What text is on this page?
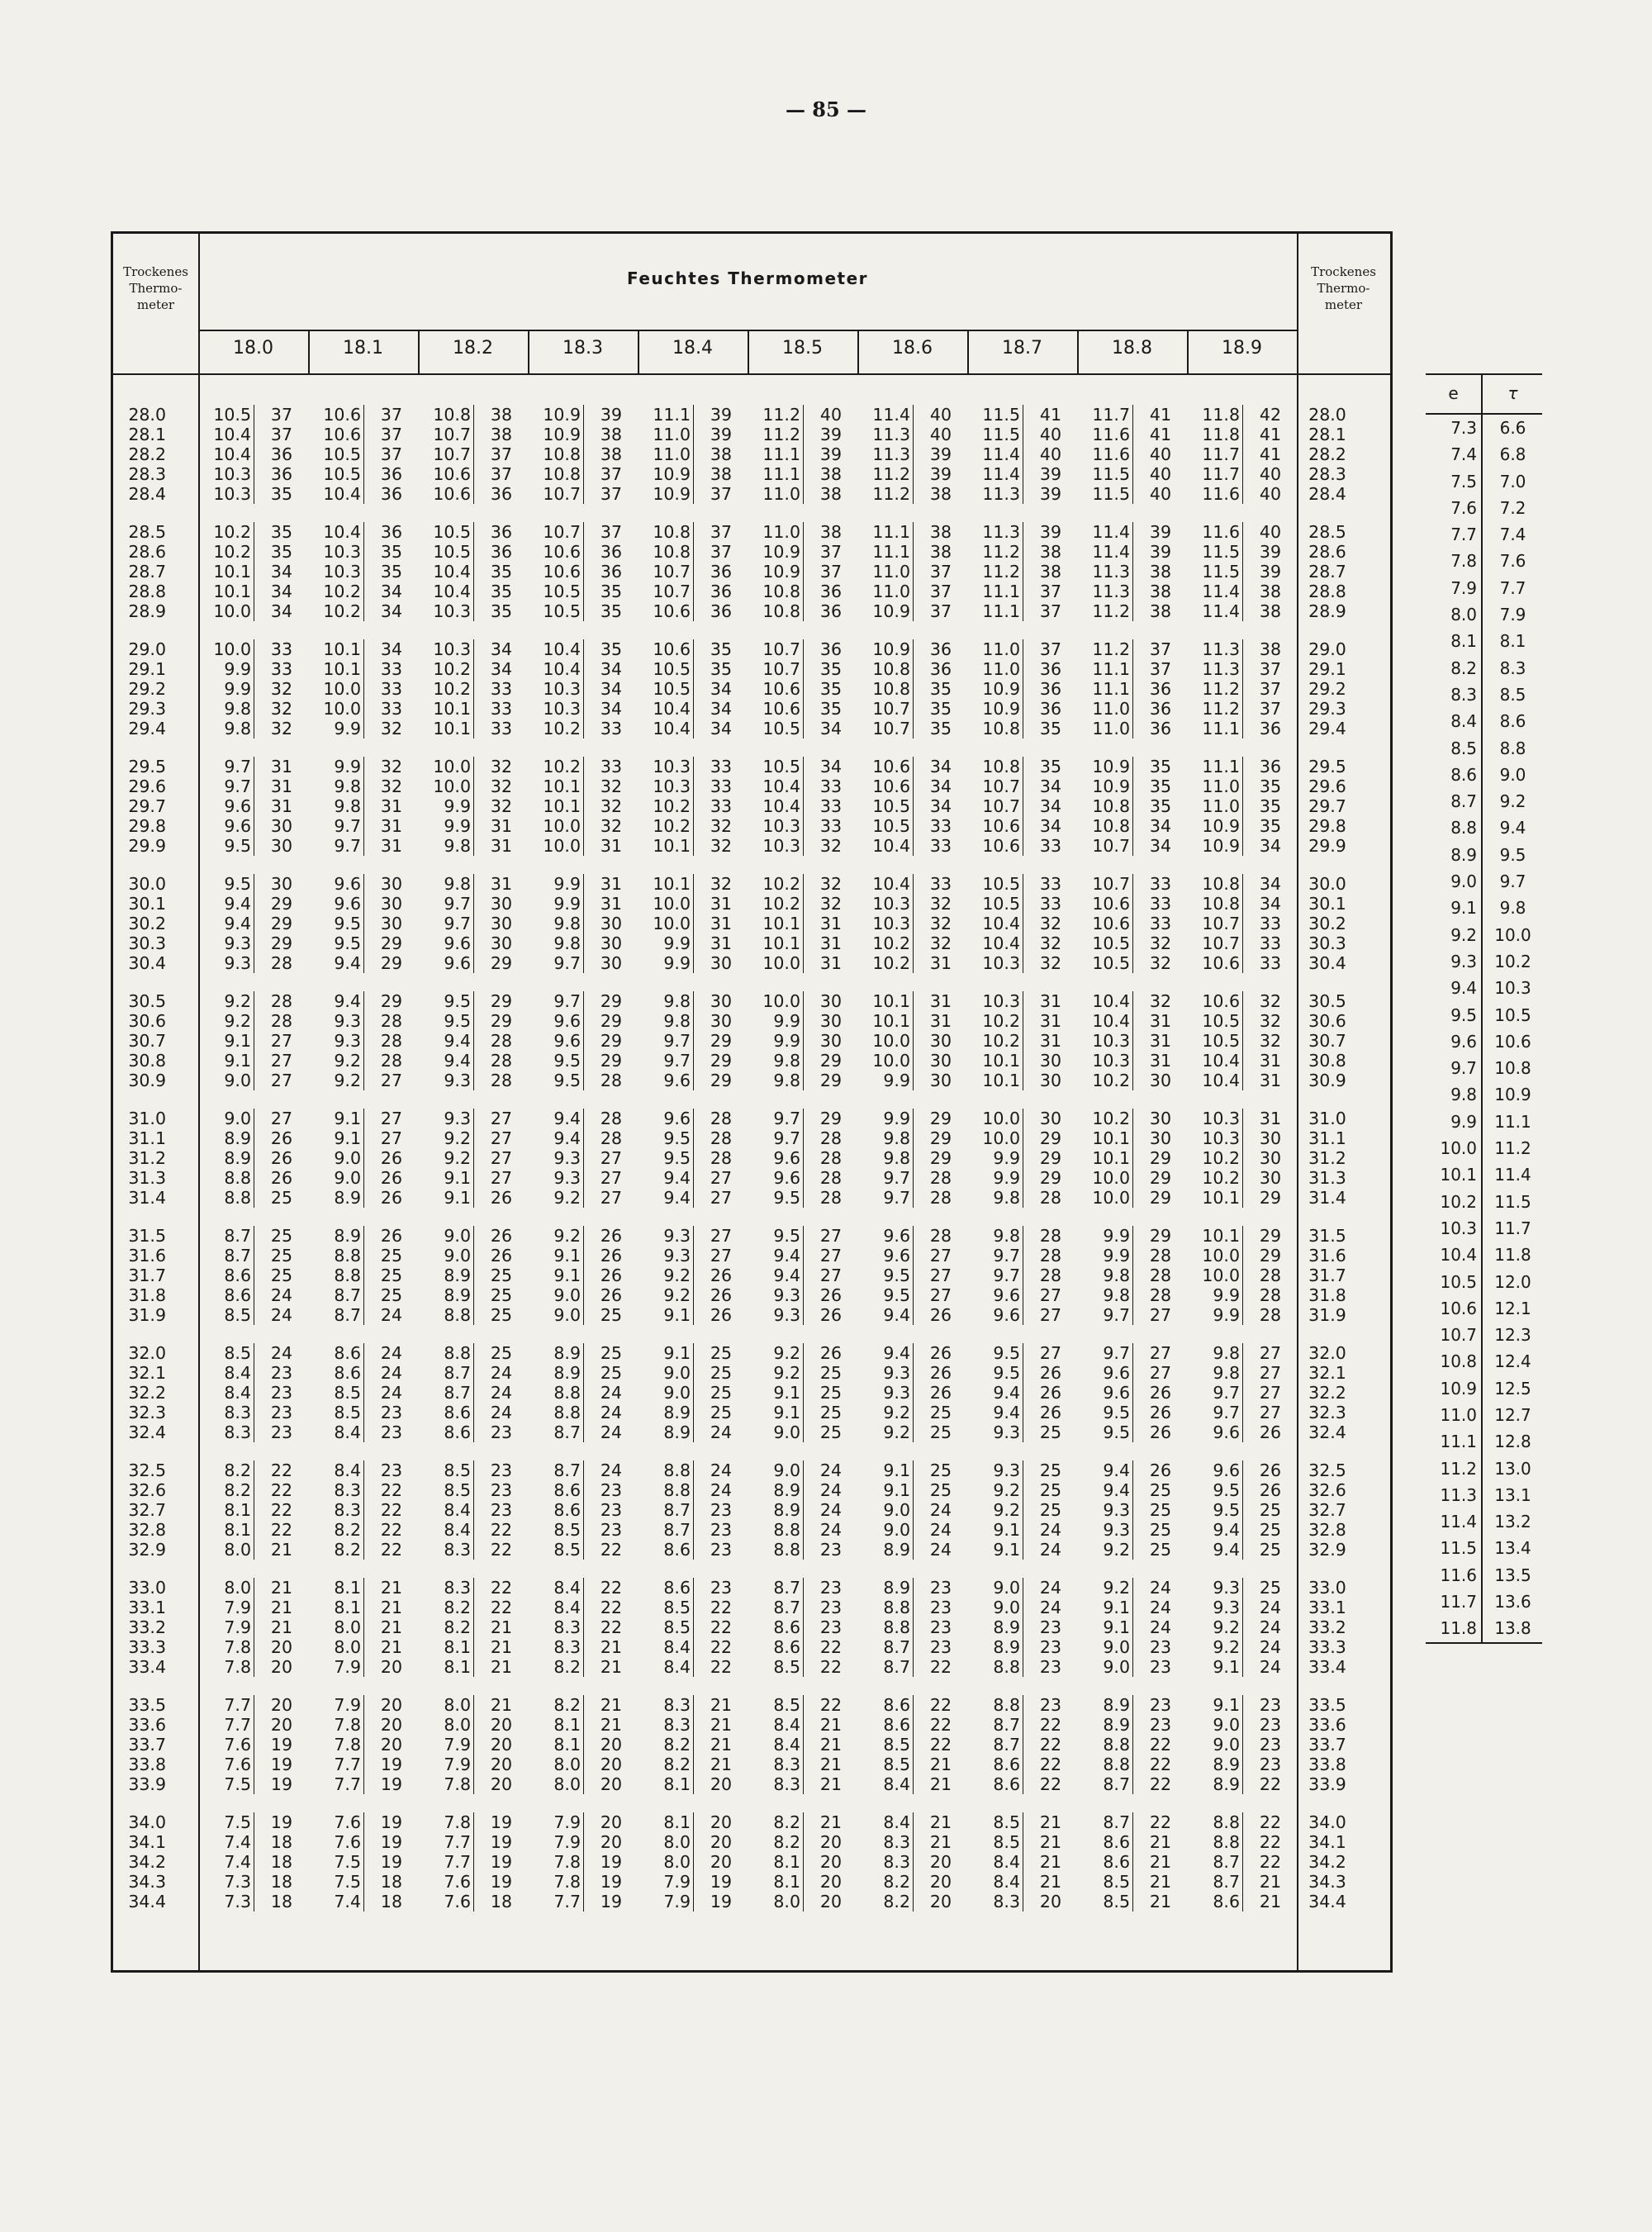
— 85 —
Trockenes
Thermo-
meter
Trockenes
Thermo-
meter
Feuchtes Thermometer
18.0	18.1	18.2	18.3	18.4	18.5	18.6	18.7	18.8	18.9
28.0	10.5	37	10.6	37	10.8	38	10.9	39	11.1	39	11.2	40	11.4	40	11.5	41	11.7	41	11.8	42	28.0
28.1	10.4	37	10.6	37	10.7	38	10.9	38	11.0	39	11.2	39	11.3	40	11.5	40	11.6	41	11.8	41	28.1
28.2	10.4	36	10.5	37	10.7	37	10.8	38	11.0	38	11.1	39	11.3	39	11.4	40	11.6	40	11.7	41	28.2
28.3	10.3	36	10.5	36	10.6	37	10.8	37	10.9	38	11.1	38	11.2	39	11.4	39	11.5	40	11.7	40	28.3
28.4	10.3	35	10.4	36	10.6	36	10.7	37	10.9	37	11.0	38	11.2	38	11.3	39	11.5	40	11.6	40	28.4
28.5	10.2	35	10.4	36	10.5	36	10.7	37	10.8	37	11.0	38	11.1	38	11.3	39	11.4	39	11.6	40	28.5
28.6	10.2	35	10.3	35	10.5	36	10.6	36	10.8	37	10.9	37	11.1	38	11.2	38	11.4	39	11.5	39	28.6
28.7	10.1	34	10.3	35	10.4	35	10.6	36	10.7	36	10.9	37	11.0	37	11.2	38	11.3	38	11.5	39	28.7
28.8	10.1	34	10.2	34	10.4	35	10.5	35	10.7	36	10.8	36	11.0	37	11.1	37	11.3	38	11.4	38	28.8
28.9	10.0	34	10.2	34	10.3	35	10.5	35	10.6	36	10.8	36	10.9	37	11.1	37	11.2	38	11.4	38	28.9
29.0	10.0	33	10.1	34	10.3	34	10.4	35	10.6	35	10.7	36	10.9	36	11.0	37	11.2	37	11.3	38	29.0
29.1	9.9	33	10.1	33	10.2	34	10.4	34	10.5	35	10.7	35	10.8	36	11.0	36	11.1	37	11.3	37	29.1
29.2	9.9	32	10.0	33	10.2	33	10.3	34	10.5	34	10.6	35	10.8	35	10.9	36	11.1	36	11.2	37	29.2
29.3	9.8	32	10.0	33	10.1	33	10.3	34	10.4	34	10.6	35	10.7	35	10.9	36	11.0	36	11.2	37	29.3
29.4	9.8	32	9.9	32	10.1	33	10.2	33	10.4	34	10.5	34	10.7	35	10.8	35	11.0	36	11.1	36	29.4
29.5	9.7	31	9.9	32	10.0	32	10.2	33	10.3	33	10.5	34	10.6	34	10.8	35	10.9	35	11.1	36	29.5
29.6	9.7	31	9.8	32	10.0	32	10.1	32	10.3	33	10.4	33	10.6	34	10.7	34	10.9	35	11.0	35	29.6
29.7	9.6	31	9.8	31	9.9	32	10.1	32	10.2	33	10.4	33	10.5	34	10.7	34	10.8	35	11.0	35	29.7
29.8	9.6	30	9.7	31	9.9	31	10.0	32	10.2	32	10.3	33	10.5	33	10.6	34	10.8	34	10.9	35	29.8
29.9	9.5	30	9.7	31	9.8	31	10.0	31	10.1	32	10.3	32	10.4	33	10.6	33	10.7	34	10.9	34	29.9
30.0	9.5	30	9.6	30	9.8	31	9.9	31	10.1	32	10.2	32	10.4	33	10.5	33	10.7	33	10.8	34	30.0
30.1	9.4	29	9.6	30	9.7	30	9.9	31	10.0	31	10.2	32	10.3	32	10.5	33	10.6	33	10.8	34	30.1
30.2	9.4	29	9.5	30	9.7	30	9.8	30	10.0	31	10.1	31	10.3	32	10.4	32	10.6	33	10.7	33	30.2
30.3	9.3	29	9.5	29	9.6	30	9.8	30	9.9	31	10.1	31	10.2	32	10.4	32	10.5	32	10.7	33	30.3
30.4	9.3	28	9.4	29	9.6	29	9.7	30	9.9	30	10.0	31	10.2	31	10.3	32	10.5	32	10.6	33	30.4
30.5	9.2	28	9.4	29	9.5	29	9.7	29	9.8	30	10.0	30	10.1	31	10.3	31	10.4	32	10.6	32	30.5
30.6	9.2	28	9.3	28	9.5	29	9.6	29	9.8	30	9.9	30	10.1	31	10.2	31	10.4	31	10.5	32	30.6
30.7	9.1	27	9.3	28	9.4	28	9.6	29	9.7	29	9.9	30	10.0	30	10.2	31	10.3	31	10.5	32	30.7
30.8	9.1	27	9.2	28	9.4	28	9.5	29	9.7	29	9.8	29	10.0	30	10.1	30	10.3	31	10.4	31	30.8
30.9	9.0	27	9.2	27	9.3	28	9.5	28	9.6	29	9.8	29	9.9	30	10.1	30	10.2	30	10.4	31	30.9
31.0	9.0	27	9.1	27	9.3	27	9.4	28	9.6	28	9.7	29	9.9	29	10.0	30	10.2	30	10.3	31	31.0
31.1	8.9	26	9.1	27	9.2	27	9.4	28	9.5	28	9.7	28	9.8	29	10.0	29	10.1	30	10.3	30	31.1
31.2	8.9	26	9.0	26	9.2	27	9.3	27	9.5	28	9.6	28	9.8	29	9.9	29	10.1	29	10.2	30	31.2
31.3	8.8	26	9.0	26	9.1	27	9.3	27	9.4	27	9.6	28	9.7	28	9.9	29	10.0	29	10.2	30	31.3
31.4	8.8	25	8.9	26	9.1	26	9.2	27	9.4	27	9.5	28	9.7	28	9.8	28	10.0	29	10.1	29	31.4
31.5	8.7	25	8.9	26	9.0	26	9.2	26	9.3	27	9.5	27	9.6	28	9.8	28	9.9	29	10.1	29	31.5
31.6	8.7	25	8.8	25	9.0	26	9.1	26	9.3	27	9.4	27	9.6	27	9.7	28	9.9	28	10.0	29	31.6
31.7	8.6	25	8.8	25	8.9	25	9.1	26	9.2	26	9.4	27	9.5	27	9.7	28	9.8	28	10.0	28	31.7
31.8	8.6	24	8.7	25	8.9	25	9.0	26	9.2	26	9.3	26	9.5	27	9.6	27	9.8	28	9.9	28	31.8
31.9	8.5	24	8.7	24	8.8	25	9.0	25	9.1	26	9.3	26	9.4	26	9.6	27	9.7	27	9.9	28	31.9
32.0	8.5	24	8.6	24	8.8	25	8.9	25	9.1	25	9.2	26	9.4	26	9.5	27	9.7	27	9.8	27	32.0
32.1	8.4	23	8.6	24	8.7	24	8.9	25	9.0	25	9.2	25	9.3	26	9.5	26	9.6	27	9.8	27	32.1
32.2	8.4	23	8.5	24	8.7	24	8.8	24	9.0	25	9.1	25	9.3	26	9.4	26	9.6	26	9.7	27	32.2
32.3	8.3	23	8.5	23	8.6	24	8.8	24	8.9	25	9.1	25	9.2	25	9.4	26	9.5	26	9.7	27	32.3
32.4	8.3	23	8.4	23	8.6	23	8.7	24	8.9	24	9.0	25	9.2	25	9.3	25	9.5	26	9.6	26	32.4
32.5	8.2	22	8.4	23	8.5	23	8.7	24	8.8	24	9.0	24	9.1	25	9.3	25	9.4	26	9.6	26	32.5
32.6	8.2	22	8.3	22	8.5	23	8.6	23	8.8	24	8.9	24	9.1	25	9.2	25	9.4	25	9.5	26	32.6
32.7	8.1	22	8.3	22	8.4	23	8.6	23	8.7	23	8.9	24	9.0	24	9.2	25	9.3	25	9.5	25	32.7
32.8	8.1	22	8.2	22	8.4	22	8.5	23	8.7	23	8.8	24	9.0	24	9.1	24	9.3	25	9.4	25	32.8
32.9	8.0	21	8.2	22	8.3	22	8.5	22	8.6	23	8.8	23	8.9	24	9.1	24	9.2	25	9.4	25	32.9
33.0	8.0	21	8.1	21	8.3	22	8.4	22	8.6	23	8.7	23	8.9	23	9.0	24	9.2	24	9.3	25	33.0
33.1	7.9	21	8.1	21	8.2	22	8.4	22	8.5	22	8.7	23	8.8	23	9.0	24	9.1	24	9.3	24	33.1
33.2	7.9	21	8.0	21	8.2	21	8.3	22	8.5	22	8.6	23	8.8	23	8.9	23	9.1	24	9.2	24	33.2
33.3	7.8	20	8.0	21	8.1	21	8.3	21	8.4	22	8.6	22	8.7	23	8.9	23	9.0	23	9.2	24	33.3
33.4	7.8	20	7.9	20	8.1	21	8.2	21	8.4	22	8.5	22	8.7	22	8.8	23	9.0	23	9.1	24	33.4
33.5	7.7	20	7.9	20	8.0	21	8.2	21	8.3	21	8.5	22	8.6	22	8.8	23	8.9	23	9.1	23	33.5
33.6	7.7	20	7.8	20	8.0	20	8.1	21	8.3	21	8.4	21	8.6	22	8.7	22	8.9	23	9.0	23	33.6
33.7	7.6	19	7.8	20	7.9	20	8.1	20	8.2	21	8.4	21	8.5	22	8.7	22	8.8	22	9.0	23	33.7
33.8	7.6	19	7.7	19	7.9	20	8.0	20	8.2	21	8.3	21	8.5	21	8.6	22	8.8	22	8.9	23	33.8
33.9	7.5	19	7.7	19	7.8	20	8.0	20	8.1	20	8.3	21	8.4	21	8.6	22	8.7	22	8.9	22	33.9
34.0	7.5	19	7.6	19	7.8	19	7.9	20	8.1	20	8.2	21	8.4	21	8.5	21	8.7	22	8.8	22	34.0
34.1	7.4	18	7.6	19	7.7	19	7.9	20	8.0	20	8.2	20	8.3	21	8.5	21	8.6	21	8.8	22	34.1
34.2	7.4	18	7.5	19	7.7	19	7.8	19	8.0	20	8.1	20	8.3	20	8.4	21	8.6	21	8.7	22	34.2
34.3	7.3	18	7.5	18	7.6	19	7.8	19	7.9	19	8.1	20	8.2	20	8.4	21	8.5	21	8.7	21	34.3
34.4	7.3	18	7.4	18	7.6	18	7.7	19	7.9	19	8.0	20	8.2	20	8.3	20	8.5	21	8.6	21	34.4
e	τ
7.3	6.6
7.4	6.8
7.5	7.0
7.6	7.2
7.7	7.4
7.8	7.6
7.9	7.7
8.0	7.9
8.1	8.1
8.2	8.3
8.3	8.5
8.4	8.6
8.5	8.8
8.6	9.0
8.7	9.2
8.8	9.4
8.9	9.5
9.0	9.7
9.1	9.8
9.2	10.0
9.3	10.2
9.4	10.3
9.5	10.5
9.6	10.6
9.7	10.8
9.8	10.9
9.9	11.1
10.0	11.2
10.1	11.4
10.2	11.5
10.3	11.7
10.4	11.8
10.5	12.0
10.6	12.1
10.7	12.3
10.8	12.4
10.9	12.5
11.0	12.7
11.1	12.8
11.2	13.0
11.3	13.1
11.4	13.2
11.5	13.4
11.6	13.5
11.7	13.6
11.8	13.8
